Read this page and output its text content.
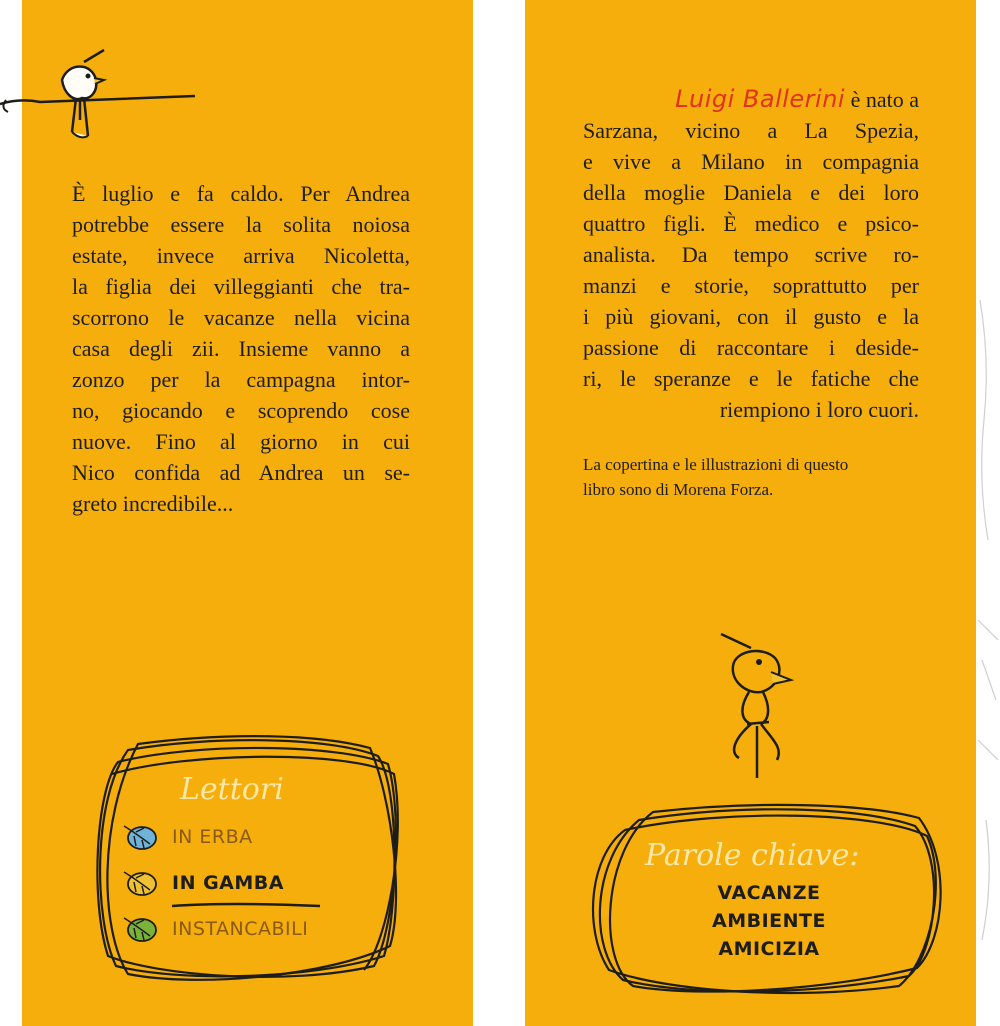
È luglio e fa caldo. Per Andrea
potrebbe essere la solita noiosa
estate, invece arriva Nicoletta,
la figlia dei villeggianti che tra-
scorrono le vacanze nella vicina
casa degli zii. Insieme vanno a
zonzo per la campagna intor-
no, giocando e scoprendo cose
nuove. Fino al giorno in cui
Nico confida ad Andrea un se-
greto incredibile...

Lettori
IN ERBA
IN GAMBA
INSTANCABILI

Luigi Ballerini è nato a
Sarzana, vicino a La Spezia,
e vive a Milano in compagnia
della moglie Daniela e dei loro
quattro figli. È medico e psico-
analista. Da tempo scrive ro-
manzi e storie, soprattutto per
i più giovani, con il gusto e la
passione di raccontare i deside-
ri, le speranze e le fatiche che
riempiono i loro cuori.

La copertina e le illustrazioni di questo
libro sono di Morena Forza.

Parole chiave:
VACANZE
AMBIENTE
AMICIZIA
